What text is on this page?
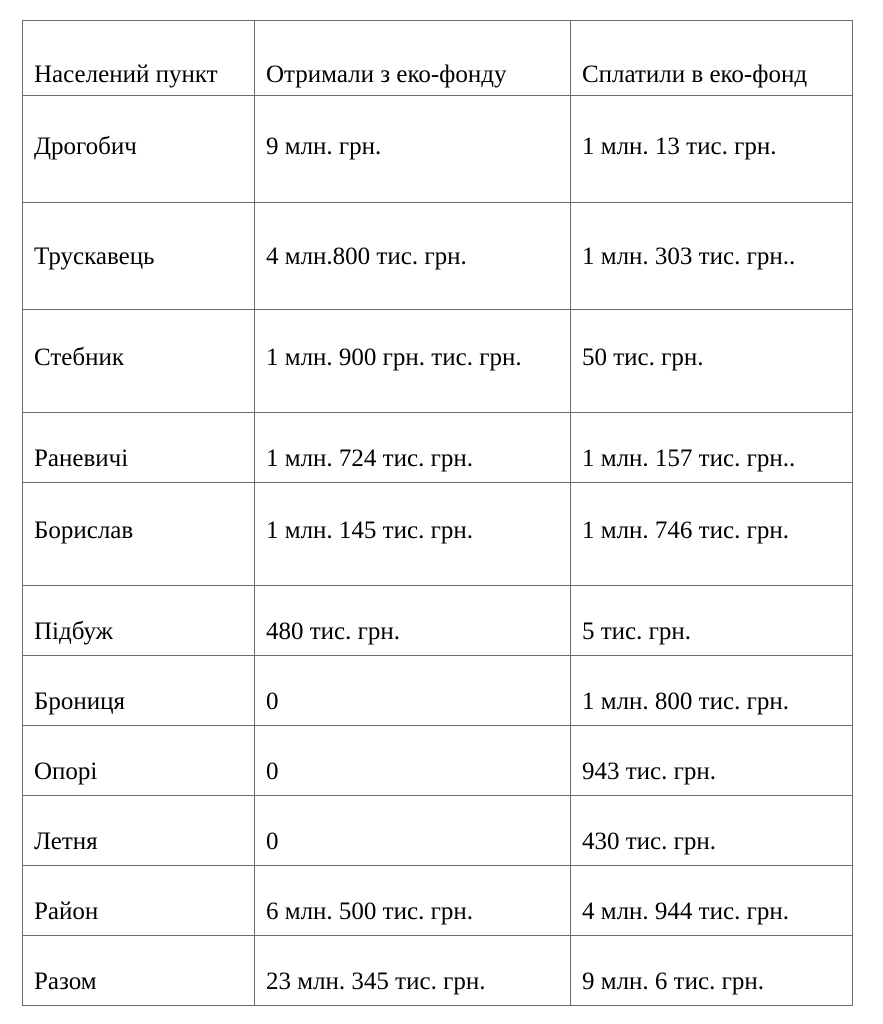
Населений пункт	Отримали з еко-фонду	Сплатили в еко-фонд
Дрогобич	9 млн. грн.	1 млн. 13 тис. грн.
Трускавець	4 млн.800 тис. грн.	1 млн. 303 тис. грн..
Стебник	1 млн. 900 грн. тис. грн.	50 тис. грн.
Раневичі	1 млн. 724 тис. грн.	1 млн. 157 тис. грн..
Борислав	1 млн. 145 тис. грн.	1 млн. 746 тис. грн.
Підбуж	480 тис. грн.	5 тис. грн.
Брониця	0	1 млн. 800 тис. грн.
Опорі	0	943 тис. грн.
Летня	0	430 тис. грн.
Район	6 млн. 500 тис. грн.	4 млн. 944 тис. грн.
Разом	23 млн. 345 тис. грн.	9 млн. 6 тис. грн.
